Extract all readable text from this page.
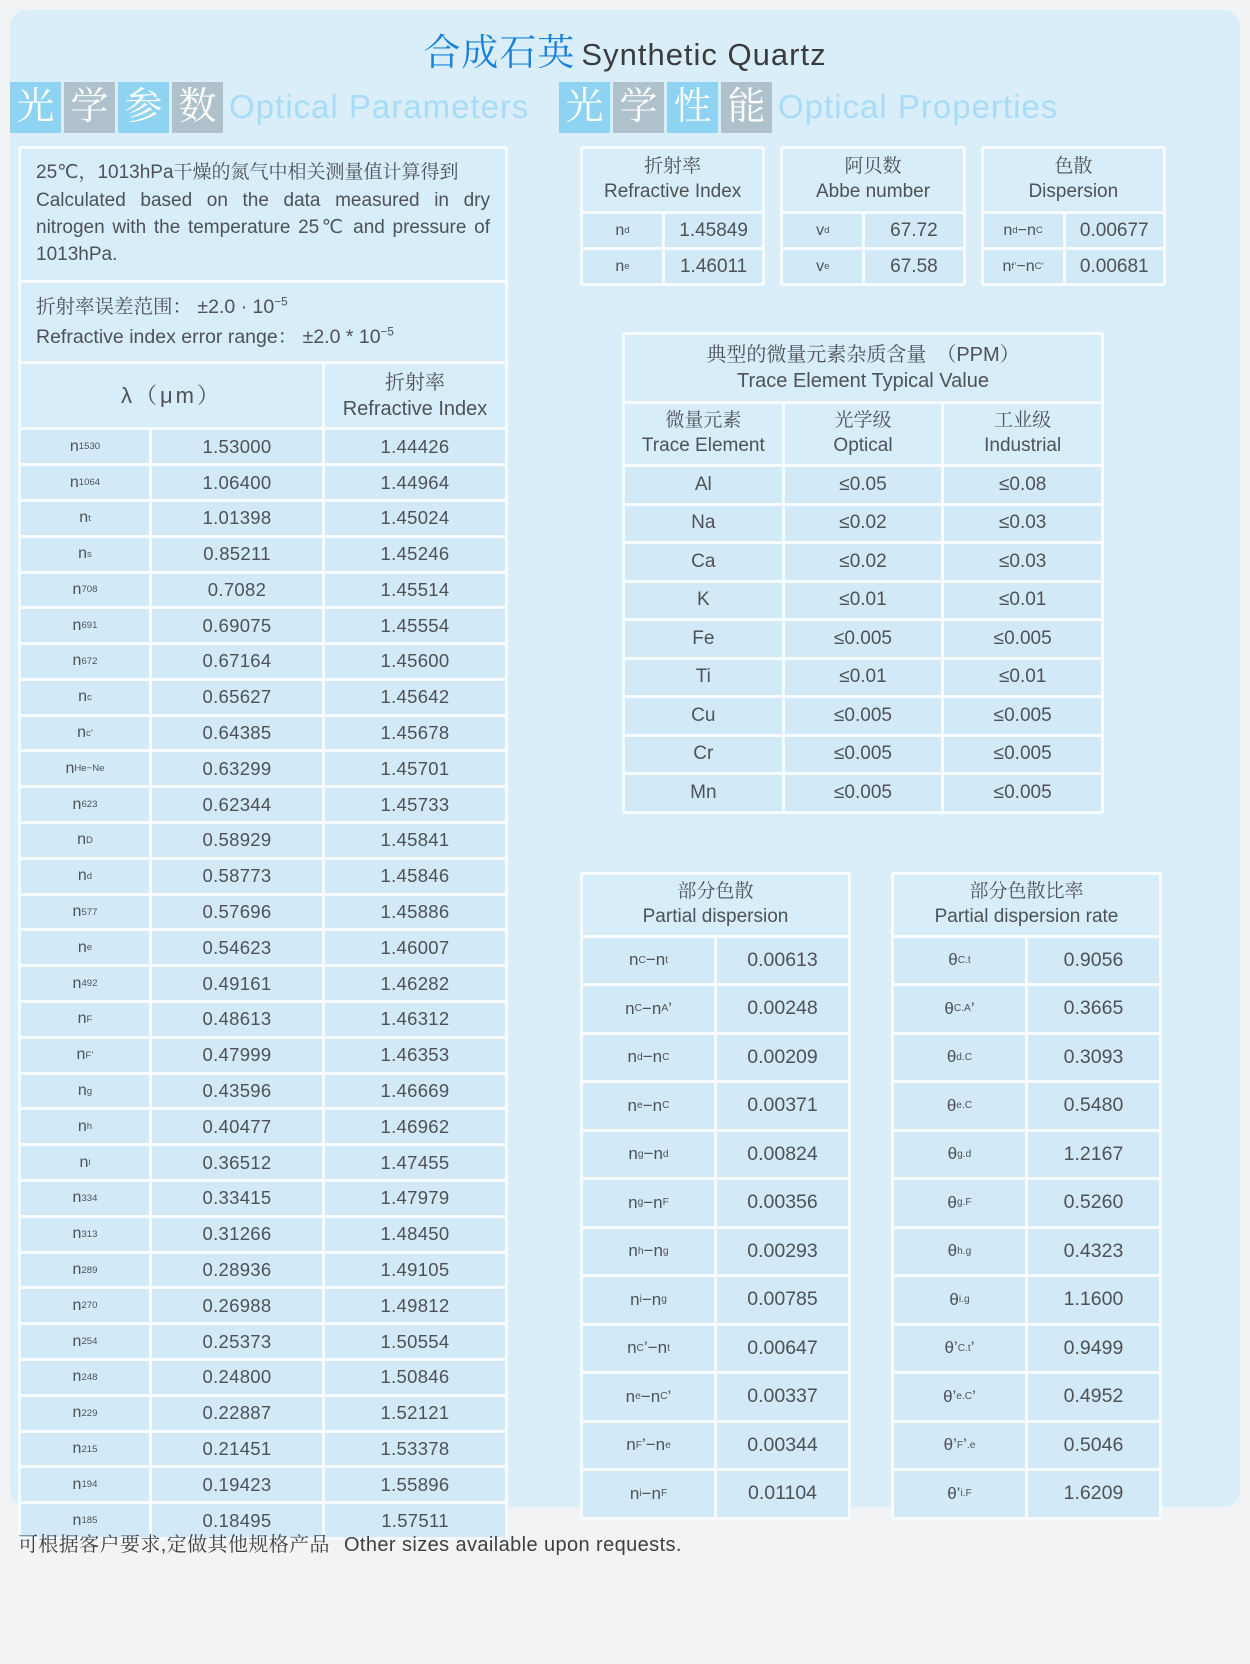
合成石英 Synthetic Quartz
光 学 参 数 Optical Parameters 光 学 性 能 Optical Properties
25℃，1013hPa干燥的氮气中相关测量值计算得到
Calculated based on the data measured in dry nitrogen with the temperature 25℃ and pressure of 1013hPa.
折射率误差范围： $\pm 2.0 \cdot 10^{-5}$
Refractive index error range： $\pm 2.0 * 10^{-5}$
λ（μm）	折射率
Refractive Index
n 1530	1.53000	1.44426
n 1064	1.06400	1.44964
n t	1.01398	1.45024
n s	0.85211	1.45246
n 708	0.7082	1.45514
n 691	0.69075	1.45554
n 672	0.67164	1.45600
n c	0.65627	1.45642
n c’	0.64385	1.45678
n He−Ne	0.63299	1.45701
n 623	0.62344	1.45733
n D	0.58929	1.45841
n d	0.58773	1.45846
n 577	0.57696	1.45886
n e	0.54623	1.46007
n 492	0.49161	1.46282
n F	0.48613	1.46312
n F’	0.47999	1.46353
n g	0.43596	1.46669
n h	0.40477	1.46962
n i	0.36512	1.47455
n 334	0.33415	1.47979
n 313	0.31266	1.48450
n 289	0.28936	1.49105
n 270	0.26988	1.49812
n 254	0.25373	1.50554
n 248	0.24800	1.50846
n 229	0.22887	1.52121
n 215	0.21451	1.53378
n 194	0.19423	1.55896
n 185	0.18495	1.57511
折射率
Refractive Index
n d	1.45849
n e	1.46011
阿贝数
Abbe number
v d	67.72
v e	67.58
色散
Dispersion
n d −n C	0.00677
n f’ −n C’	0.00681
典型的微量元素杂质含量　（PPM）
Trace Element Typical Value
微量元素
Trace Element
光学级
Optical
工业级
Industrial
Al	≤0.05	≤0.08
Na	≤0.02	≤0.03
Ca	≤0.02	≤0.03
K	≤0.01	≤0.01
Fe	≤0.005	≤0.005
Ti	≤0.01	≤0.01
Cu	≤0.005	≤0.005
Cr	≤0.005	≤0.005
Mn	≤0.005	≤0.005
部分色散
Partial dispersion
n C −n t	0.00613
n C −n A ’	0.00248
n d −n C	0.00209
n e −n C	0.00371
n g −n d	0.00824
n g −n F	0.00356
n h −n g	0.00293
n i −n g	0.00785
n C ’−n t	0.00647
n e −n C ’	0.00337
n F ’−n e	0.00344
n i −n F	0.01104
部分色散比率
Partial dispersion rate
θ C.t	0.9056
θ C.A ’	0.3665
θ d.C	0.3093
θ e.C	0.5480
θ g.d	1.2167
θ g.F	0.5260
θ h.g	0.4323
θ i.g	1.1600
θ’ C.t ’	0.9499
θ’ e.C ’	0.4952
θ’ F ’ .e	0.5046
θ’ i.F	1.6209
可根据客户要求,定做其他规格产品 Other sizes available upon requests.
